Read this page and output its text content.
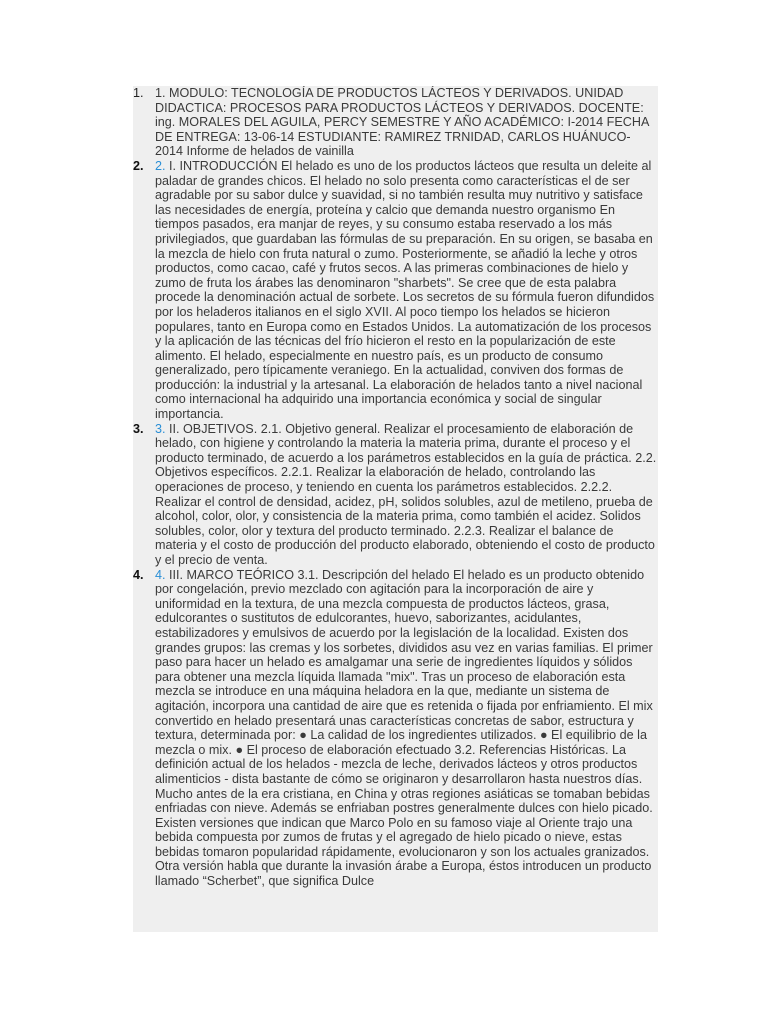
1. 1. MODULO: TECNOLOGÍA DE PRODUCTOS LÁCTEOS Y DERIVADOS. UNIDAD DIDACTICA: PROCESOS PARA PRODUCTOS LÁCTEOS Y DERIVADOS. DOCENTE: ing. MORALES DEL AGUILA, PERCY SEMESTRE Y AÑO ACADÉMICO: I-2014 FECHA DE ENTREGA: 13-06-14 ESTUDIANTE: RAMIREZ TRNIDAD, CARLOS HUÁNUCO-2014 Informe de helados de vainilla
2. 2. I. INTRODUCCIÓN El helado es uno de los productos lácteos que resulta un deleite al paladar de grandes chicos. El helado no solo presenta como características el de ser agradable por su sabor dulce y suavidad, si no también resulta muy nutritivo y satisface las necesidades de energía, proteína y calcio que demanda nuestro organismo En tiempos pasados, era manjar de reyes, y su consumo estaba reservado a los más privilegiados, que guardaban las fórmulas de su preparación. En su origen, se basaba en la mezcla de hielo con fruta natural o zumo. Posteriormente, se añadió la leche y otros productos, como cacao, café y frutos secos. A las primeras combinaciones de hielo y zumo de fruta los árabes las denominaron "sharbets". Se cree que de esta palabra procede la denominación actual de sorbete. Los secretos de su fórmula fueron difundidos por los heladeros italianos en el siglo XVII. Al poco tiempo los helados se hicieron populares, tanto en Europa como en Estados Unidos. La automatización de los procesos y la aplicación de las técnicas del frío hicieron el resto en la popularización de este alimento. El helado, especialmente en nuestro país, es un producto de consumo generalizado, pero típicamente veraniego. En la actualidad, conviven dos formas de producción: la industrial y la artesanal. La elaboración de helados tanto a nivel nacional como internacional ha adquirido una importancia económica y social de singular importancia.
3. 3. II. OBJETIVOS. 2.1. Objetivo general. Realizar el procesamiento de elaboración de helado, con higiene y controlando la materia la materia prima, durante el proceso y el producto terminado, de acuerdo a los parámetros establecidos en la guía de práctica. 2.2. Objetivos específicos. 2.2.1. Realizar la elaboración de helado, controlando las operaciones de proceso, y teniendo en cuenta los parámetros establecidos. 2.2.2. Realizar el control de densidad, acidez, pH, solidos solubles, azul de metileno, prueba de alcohol, color, olor, y consistencia de la materia prima, como también el acidez. Solidos solubles, color, olor y textura del producto terminado. 2.2.3. Realizar el balance de materia y el costo de producción del producto elaborado, obteniendo el costo de producto y el precio de venta.
4. 4. III. MARCO TEÓRICO 3.1. Descripción del helado El helado es un producto obtenido por congelación, previo mezclado con agitación para la incorporación de aire y uniformidad en la textura, de una mezcla compuesta de productos lácteos, grasa, edulcorantes o sustitutos de edulcorantes, huevo, saborizantes, acidulantes, estabilizadores y emulsivos de acuerdo por la legislación de la localidad. Existen dos grandes grupos: las cremas y los sorbetes, divididos asu vez en varias familias. El primer paso para hacer un helado es amalgamar una serie de ingredientes líquidos y sólidos para obtener una mezcla líquida llamada "mix". Tras un proceso de elaboración esta mezcla se introduce en una máquina heladora en la que, mediante un sistema de agitación, incorpora una cantidad de aire que es retenida o fijada por enfriamiento. El mix convertido en helado presentará unas características concretas de sabor, estructura y textura, determinada por: ● La calidad de los ingredientes utilizados. ● El equilibrio de la mezcla o mix. ● El proceso de elaboración efectuado 3.2. Referencias Históricas. La definición actual de los helados - mezcla de leche, derivados lácteos y otros productos alimenticios - dista bastante de cómo se originaron y desarrollaron hasta nuestros días. Mucho antes de la era cristiana, en China y otras regiones asiáticas se tomaban bebidas enfriadas con nieve. Además se enfriaban postres generalmente dulces con hielo picado. Existen versiones que indican que Marco Polo en su famoso viaje al Oriente trajo una bebida compuesta por zumos de frutas y el agregado de hielo picado o nieve, estas bebidas tomaron popularidad rápidamente, evolucionaron y son los actuales granizados. Otra versión habla que durante la invasión árabe a Europa, éstos introducen un producto llamado “Scherbet”, que significa Dulce
